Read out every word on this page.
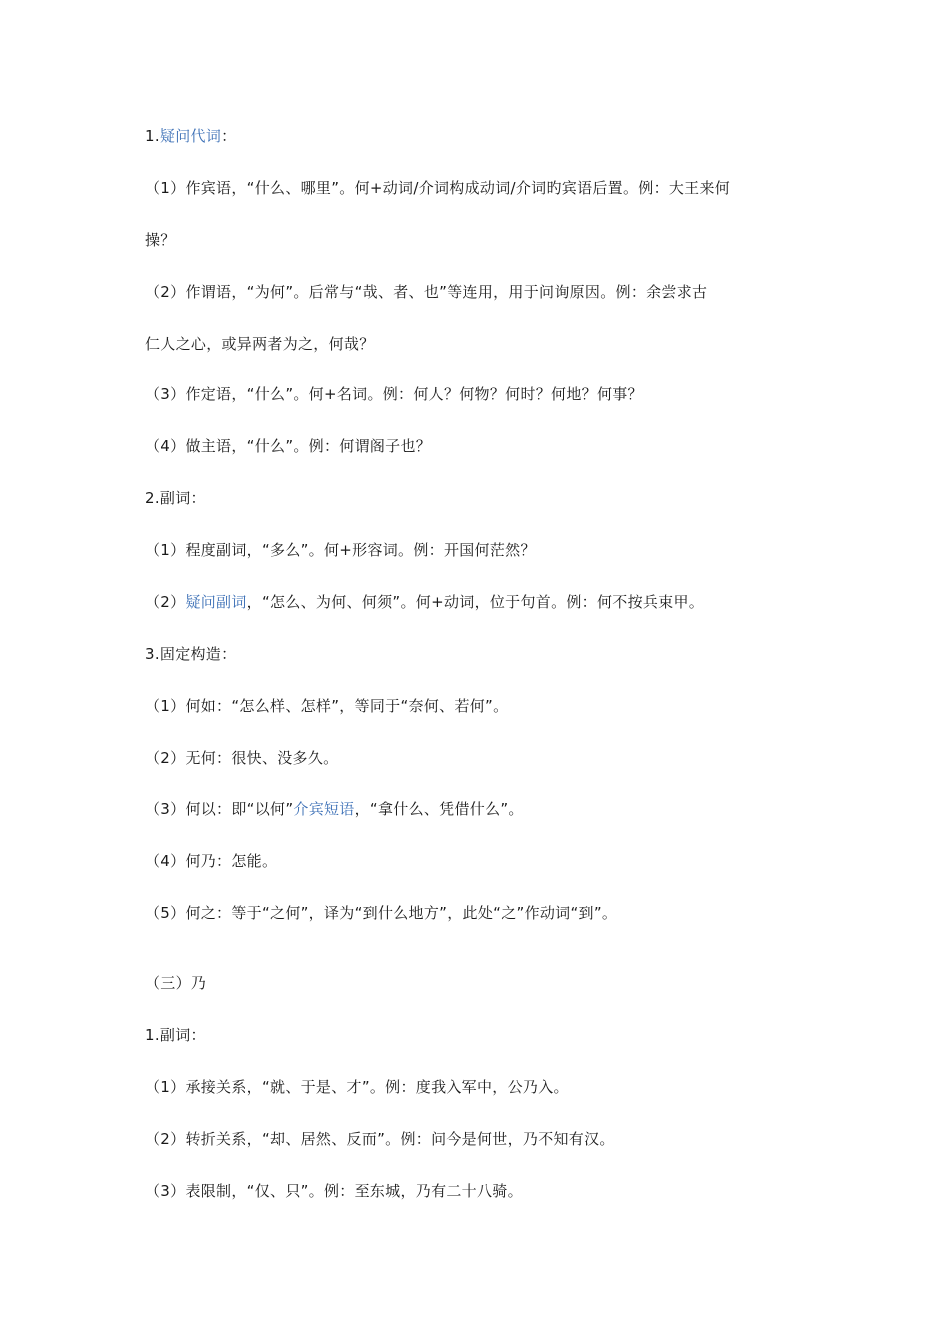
1.疑问代词：
（1）作宾语，“什么、哪里”。何+动词/介词构成动词/介词旳宾语后置。例：大王来何
操？
（2）作谓语，“为何”。后常与“哉、者、也”等连用，用于问询原因。例：余尝求古
仁人之心，或异两者为之，何哉？
（3）作定语，“什么”。何+名词。例：何人？何物？何时？何地？何事？
（4）做主语，“什么”。例：何谓阁子也？
2.副词：
（1）程度副词，“多么”。何+形容词。例：开国何茫然？
（2）疑问副词，“怎么、为何、何须”。何+动词，位于句首。例：何不按兵束甲。
3.固定构造：
（1）何如：“怎么样、怎样”，等同于“奈何、若何”。
（2）无何：很快、没多久。
（3）何以：即“以何”介宾短语，“拿什么、凭借什么”。
（4）何乃：怎能。
（5）何之：等于“之何”，译为“到什么地方”，此处“之”作动词“到”。
（三）乃
1.副词：
（1）承接关系，“就、于是、才”。例：度我入军中，公乃入。
（2）转折关系，“却、居然、反而”。例：问今是何世，乃不知有汉。
（3）表限制，“仅、只”。例：至东城，乃有二十八骑。
